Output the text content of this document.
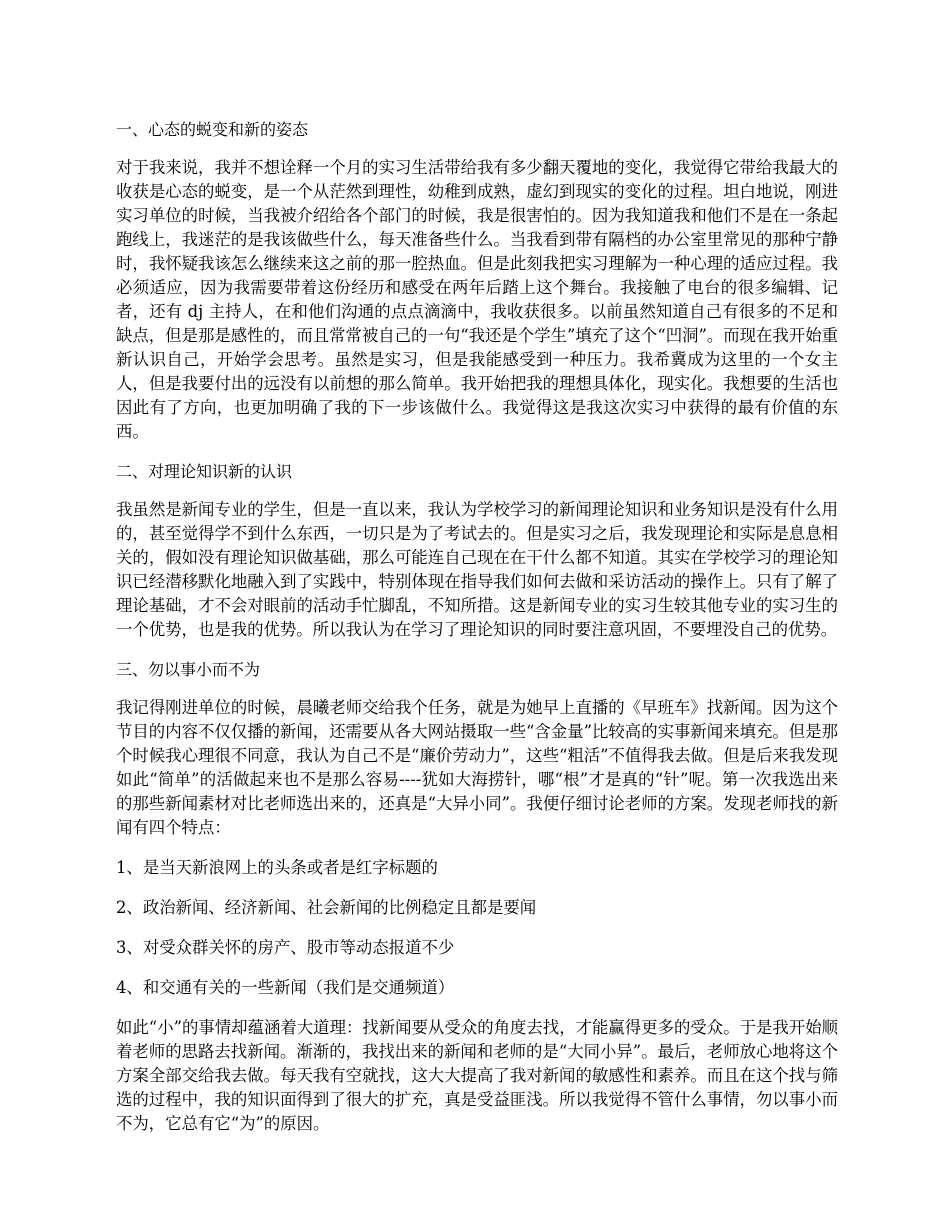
一、心态的蜕变和新的姿态

对于我来说，我并不想诠释一个月的实习生活带给我有多少翻天覆地的变化，我觉得它带给我最大的收获是心态的蜕变，是一个从茫然到理性，幼稚到成熟，虚幻到现实的变化的过程。坦白地说，刚进实习单位的时候，当我被介绍给各个部门的时候，我是很害怕的。因为我知道我和他们不是在一条起跑线上，我迷茫的是我该做些什么，每天准备些什么。当我看到带有隔档的办公室里常见的那种宁静时，我怀疑我该怎么继续来这之前的那一腔热血。但是此刻我把实习理解为一种心理的适应过程。我必须适应，因为我需要带着这份经历和感受在两年后踏上这个舞台。我接触了电台的很多编辑、记者，还有 dj 主持人，在和他们沟通的点点滴滴中，我收获很多。以前虽然知道自己有很多的不足和缺点，但是那是感性的，而且常常被自己的一句“我还是个学生”填充了这个“凹洞”。而现在我开始重新认识自己，开始学会思考。虽然是实习，但是我能感受到一种压力。我希冀成为这里的一个女主人，但是我要付出的远没有以前想的那么简单。我开始把我的理想具体化，现实化。我想要的生活也因此有了方向，也更加明确了我的下一步该做什么。我觉得这是我这次实习中获得的最有价值的东西。

二、对理论知识新的认识

我虽然是新闻专业的学生，但是一直以来，我认为学校学习的新闻理论知识和业务知识是没有什么用的，甚至觉得学不到什么东西，一切只是为了考试去的。但是实习之后，我发现理论和实际是息息相关的，假如没有理论知识做基础，那么可能连自己现在在干什么都不知道。其实在学校学习的理论知识已经潜移默化地融入到了实践中，特别体现在指导我们如何去做和采访活动的操作上。只有了解了理论基础，才不会对眼前的活动手忙脚乱，不知所措。这是新闻专业的实习生较其他专业的实习生的一个优势，也是我的优势。所以我认为在学习了理论知识的同时要注意巩固，不要埋没自己的优势。

三、勿以事小而不为

我记得刚进单位的时候，晨曦老师交给我个任务，就是为她早上直播的《早班车》找新闻。因为这个节目的内容不仅仅播的新闻，还需要从各大网站摄取一些“含金量”比较高的实事新闻来填充。但是那个时候我心理很不同意，我认为自己不是“廉价劳动力”，这些“粗活”不值得我去做。但是后来我发现如此“简单”的活做起来也不是那么容易----犹如大海捞针，哪“根”才是真的“针”呢。第一次我选出来的那些新闻素材对比老师选出来的，还真是“大异小同”。我便仔细讨论老师的方案。发现老师找的新闻有四个特点：

1、是当天新浪网上的头条或者是红字标题的

2、政治新闻、经济新闻、社会新闻的比例稳定且都是要闻

3、对受众群关怀的房产、股市等动态报道不少

4、和交通有关的一些新闻（我们是交通频道）

如此“小”的事情却蕴涵着大道理：找新闻要从受众的角度去找，才能赢得更多的受众。于是我开始顺着老师的思路去找新闻。渐渐的，我找出来的新闻和老师的是“大同小异”。最后，老师放心地将这个方案全部交给我去做。每天我有空就找，这大大提高了我对新闻的敏感性和素养。而且在这个找与筛选的过程中，我的知识面得到了很大的扩充，真是受益匪浅。所以我觉得不管什么事情，勿以事小而不为，它总有它“为”的原因。
